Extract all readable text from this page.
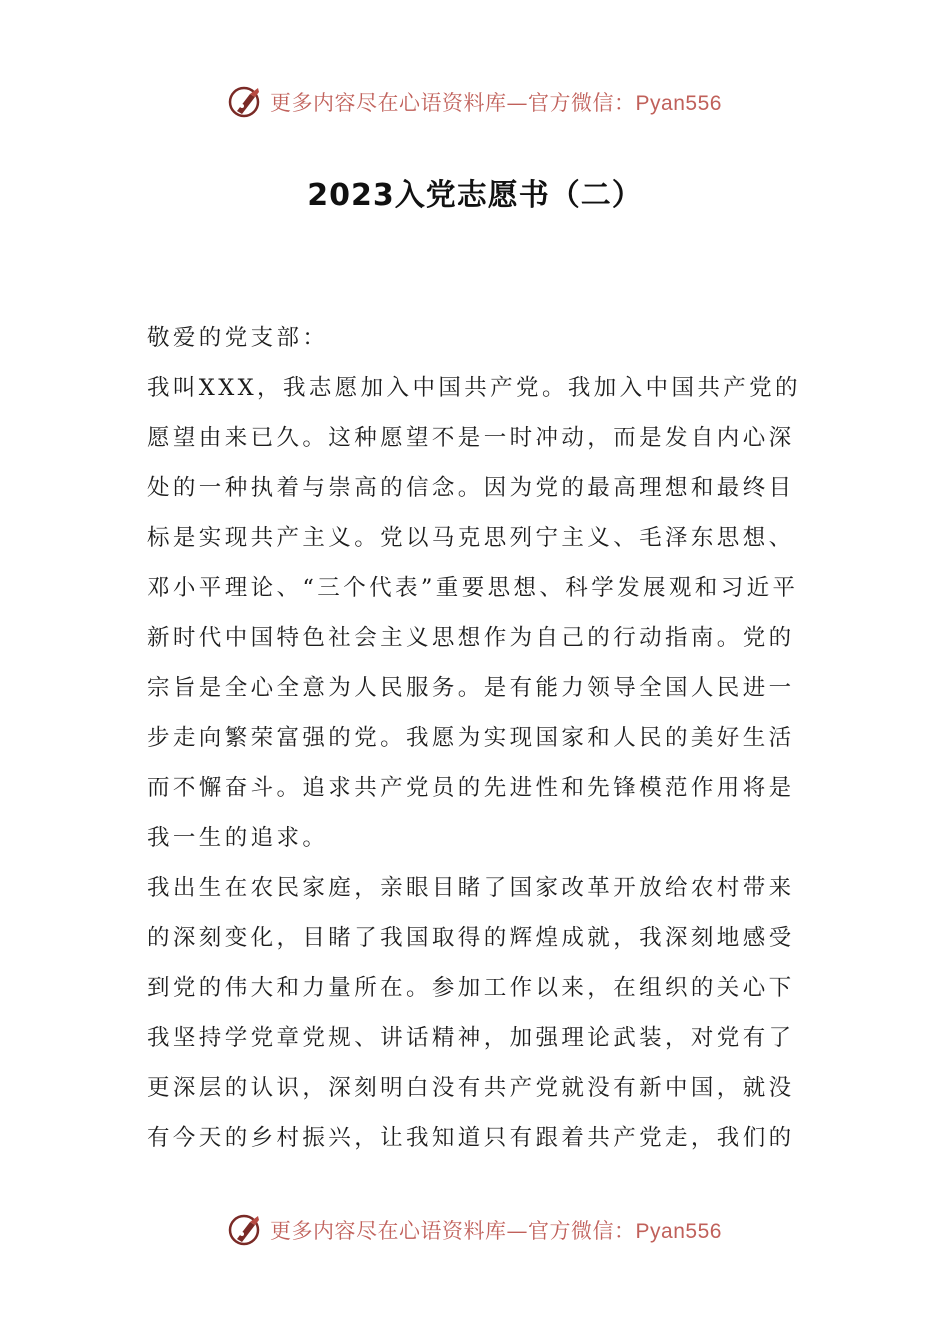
更多内容尽在心语资料库—官方微信：Pyan556
2023入党志愿书（二）

敬爱的党支部：

我叫XXX，我志愿加入中国共产党。我加入中国共产党的愿望由来已久。这种愿望不是一时冲动，而是发自内心深处的一种执着与崇高的信念。因为党的最高理想和最终目标是实现共产主义。党以马克思列宁主义、毛泽东思想、邓小平理论、“三个代表”重要思想、科学发展观和习近平新时代中国特色社会主义思想作为自己的行动指南。党的宗旨是全心全意为人民服务。是有能力领导全国人民进一步走向繁荣富强的党。我愿为实现国家和人民的美好生活而不懈奋斗。追求共产党员的先进性和先锋模范作用将是我一生的追求。

我出生在农民家庭，亲眼目睹了国家改革开放给农村带来的深刻变化，目睹了我国取得的辉煌成就，我深刻地感受到党的伟大和力量所在。参加工作以来，在组织的关心下我坚持学党章党规、讲话精神，加强理论武装，对党有了更深层的认识，深刻明白没有共产党就没有新中国，就没有今天的乡村振兴，让我知道只有跟着共产党走，我们的

更多内容尽在心语资料库—官方微信：Pyan556
